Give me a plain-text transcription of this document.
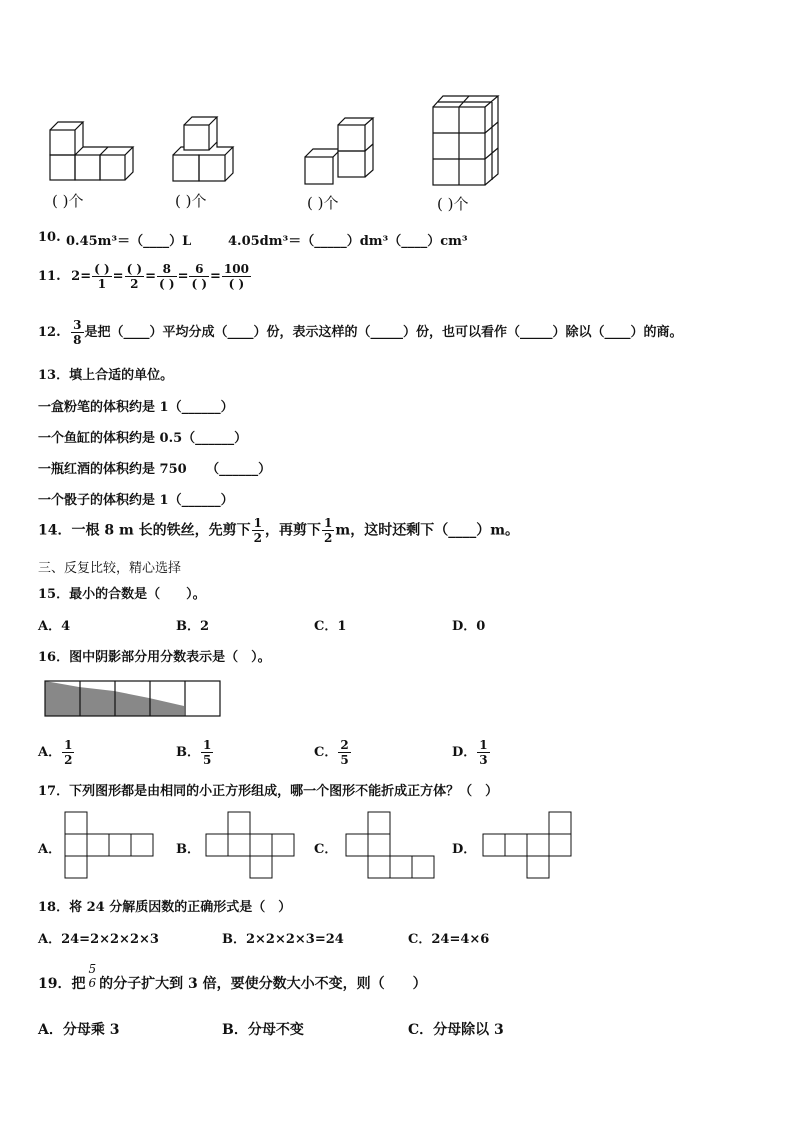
( )个	( )个	( )个	( )个
10. 0.45m³＝（____）L	4.05dm³＝（_____）dm³（____）cm³
11. $2= \frac{( )}{1} = \frac{( )}{2} = \frac{8}{( )} = \frac{6}{( )} = \frac{100}{( )}$
12. $\frac{3}{8}$ 是把（____）平均分成（____）份，表示这样的（_____）份，也可以看作（_____）除以（____）的商。
13．填上合适的单位。
一盒粉笔的体积约是 1（______）
一个鱼缸的体积约是 0.5（______）
一瓶红酒的体积约是 750　　（______）
一个骰子的体积约是 1（______）
14．一根 8 m 长的铁丝，先剪下 $\frac{1}{2}$ ，再剪下 $\frac{1}{2}$ m，这时还剩下（____）m。
三、反复比较，精心选择
15．最小的合数是（　　）。
A．4	B．2	C．1	D．0
16．图中阴影部分用分数表示是（　）。
A． $\frac{1}{2}$	B． $\frac{1}{5}$	C． $\frac{2}{5}$	D． $\frac{1}{3}$
17．下列图形都是由相同的小正方形组成，哪一个图形不能折成正方体？（　）
A．	B．	C．	D．
18．将 24 分解质因数的正确形式是（　）
A．24=2×2×2×3	B．2×2×2×3=24	C．24=4×6
19．把
5
6 的分子扩大到 3 倍，要使分数大小不变，则（　　）
A．分母乘 3	B．分母不变	C．分母除以 3
